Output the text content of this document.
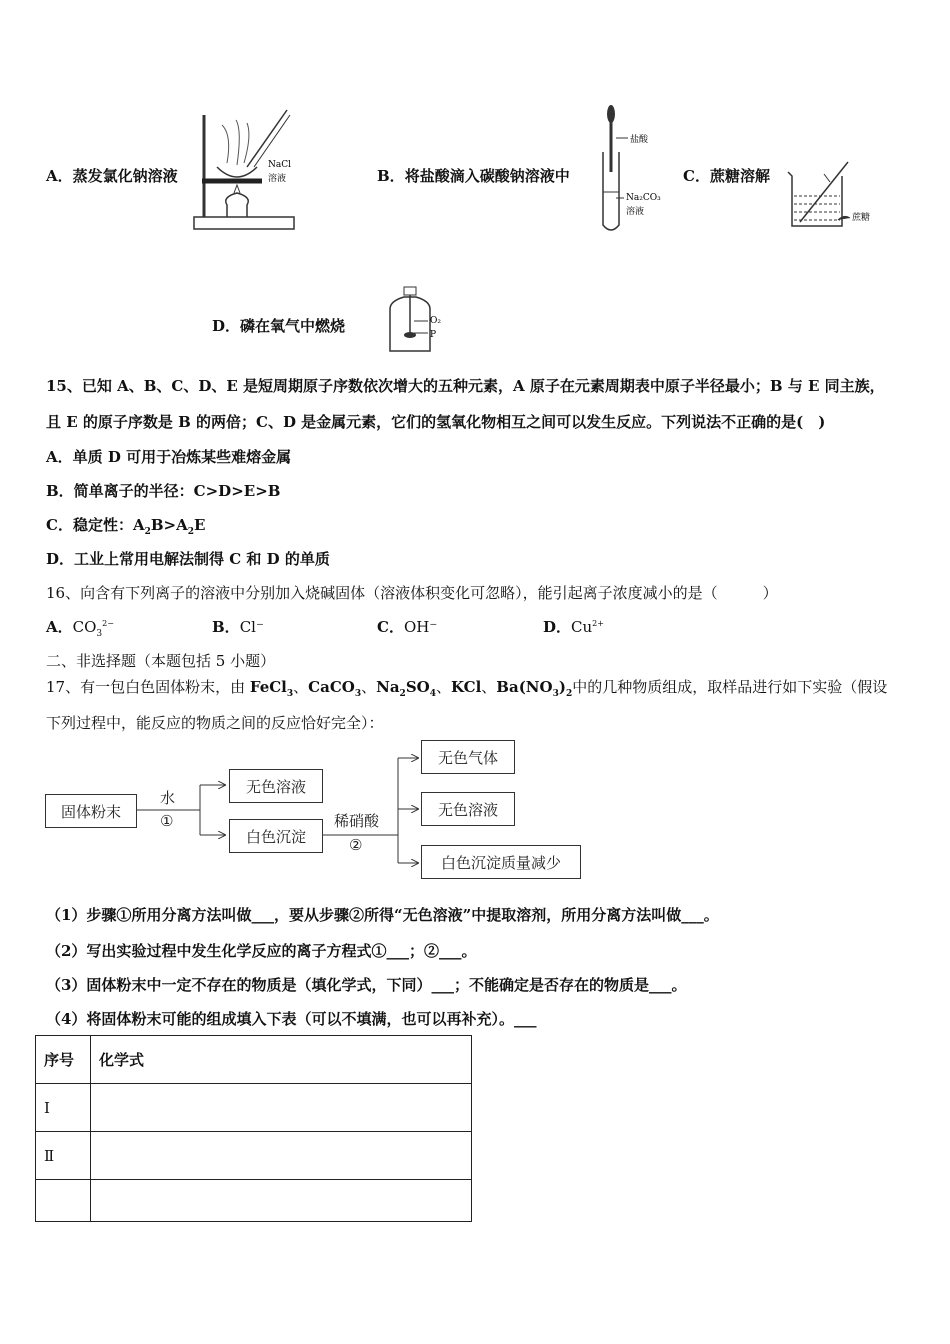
A．蒸发氯化钠溶液
NaCl
溶液	B．将盐酸滴入碳酸钠溶液中
盐酸
Na₂CO₃
溶液
C．蔗糖溶解
蔗糖
D．磷在氧气中燃烧	O₂
P
15、已知 A、B、C、D、E 是短周期原子序数依次增大的五种元素，A 原子在元素周期表中原子半径最小；B 与 E 同主族，
且 E 的原子序数是 B 的两倍；C、D 是金属元素，它们的氢氧化物相互之间可以发生反应。下列说法不正确的是(　)
A．单质 D 可用于冶炼某些难熔金属
B．简单离子的半径：C>D>E>B
C．稳定性：$A_2B>A_2E$
D．工业上常用电解法制得 C 和 D 的单质
16、向含有下列离子的溶液中分别加入烧碱固体（溶液体积变化可忽略），能引起离子浓度减小的是（　　　）
A．$CO_3^{2-}$	B．Cl⁻	C．OH⁻	D．$Cu^{2+}$
二、非选择题（本题包括 5 小题）
17、有一包白色固体粉末，由 FeCl$_3$、CaCO$_3$、$Na_2SO_4$、KCl、$Ba(NO_3)_2$中的几种物质组成，取样品进行如下实验（假设
下列过程中，能反应的物质之间的反应恰好完全）：
固体粉末
水
①
无色溶液
白色沉淀
稀硝酸
②
无色气体
无色溶液
白色沉淀质量减少
（1）步骤①所用分离方法叫做___，要从步骤②所得“无色溶液”中提取溶剂，所用分离方法叫做___。
（2）写出实验过程中发生化学反应的离子方程式①___；②___。
（3）固体粉末中一定不存在的物质是（填化学式，下同）___；不能确定是否存在的物质是___。
（4）将固体粉末可能的组成填入下表（可以不填满，也可以再补充）。___
序号	化学式
Ⅰ	
Ⅱ	
